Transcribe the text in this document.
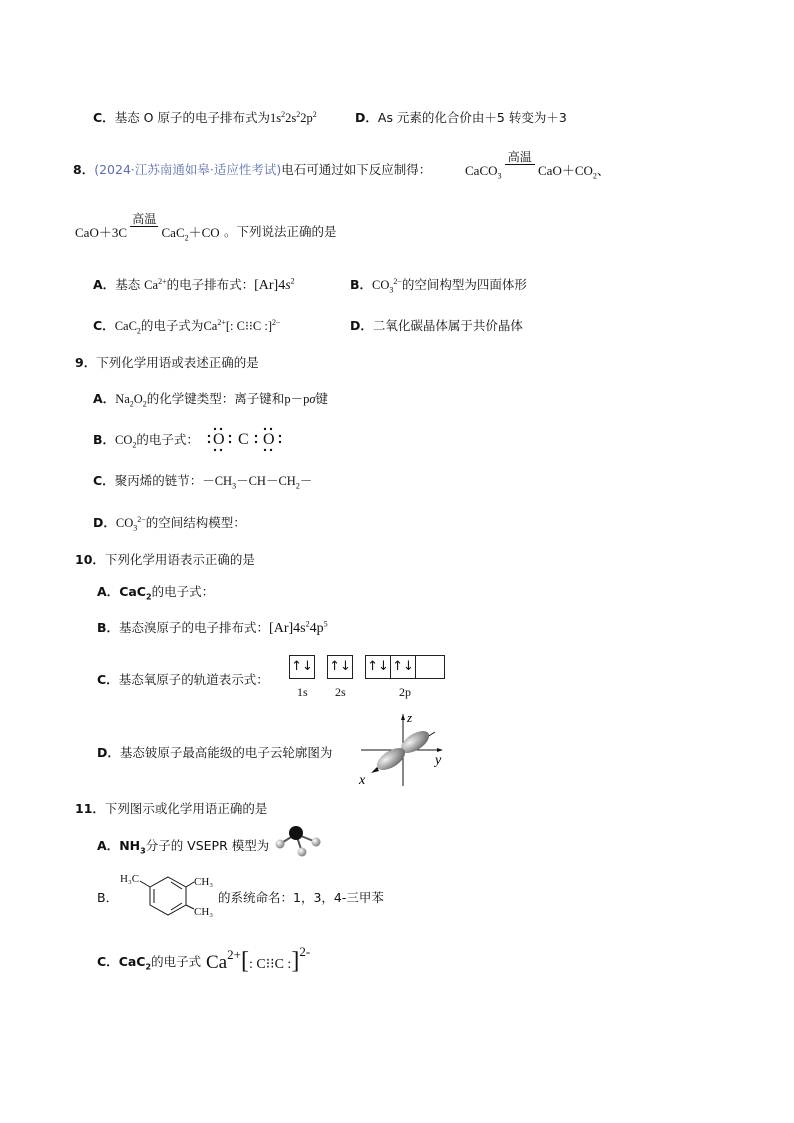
C．基态 O 原子的电子排布式为$1s^22s^22p^2$	D．As 元素的化合价由＋5 转变为＋3
8．(2024·江苏南通如皋·适应性考试)电石可通过如下反应制得：	CaCO$_3$
高温
$CaO+CO_2$、
CaO＋3C
高温
CaC$_2$＋CO 。下列说法正确的是
A．基态 $Ca^{2+}$的电子排布式：$[Ar]4s^2$	B．$CO_3^{2-}$的空间构型为四面体形
C．CaC$_2$的电子式为$Ca^{2+}$[: C⁝⁝C :]$^{2-}$	D．二氧化碳晶体属于共价晶体
9．下列化学用语或表述正确的是
A．$Na_2O_2$的化学键类型：离子键和p－pσ键
B．$CO_2$的电子式： O C O
C．聚丙烯的链节：$-CH_3-CH-CH_2-$
D．$CO_3^{2-}$的空间结构模型：
10．下列化学用语表示正确的是
A．CaC$_2$的电子式：
B．基态溴原子的电子排布式：$[Ar]4s^24p^5$
C．基态氧原子的轨道表示式：
↑↓ ↑↓ ↑↓ ↑↓
1s 2s	2p
D．基态铍原子最高能级的电子云轮廓图为
z
y
x
11．下列图示或化学用语正确的是
A．$NH_3$分子的 VSEPR 模型为
B．
H₃C	CH₃
CH₃
的系统命名：1，3，4-三甲苯
C．CaC$_2$的电子式 $Ca^{2+}$[: C⁝⁝C :]$^{2-}$
